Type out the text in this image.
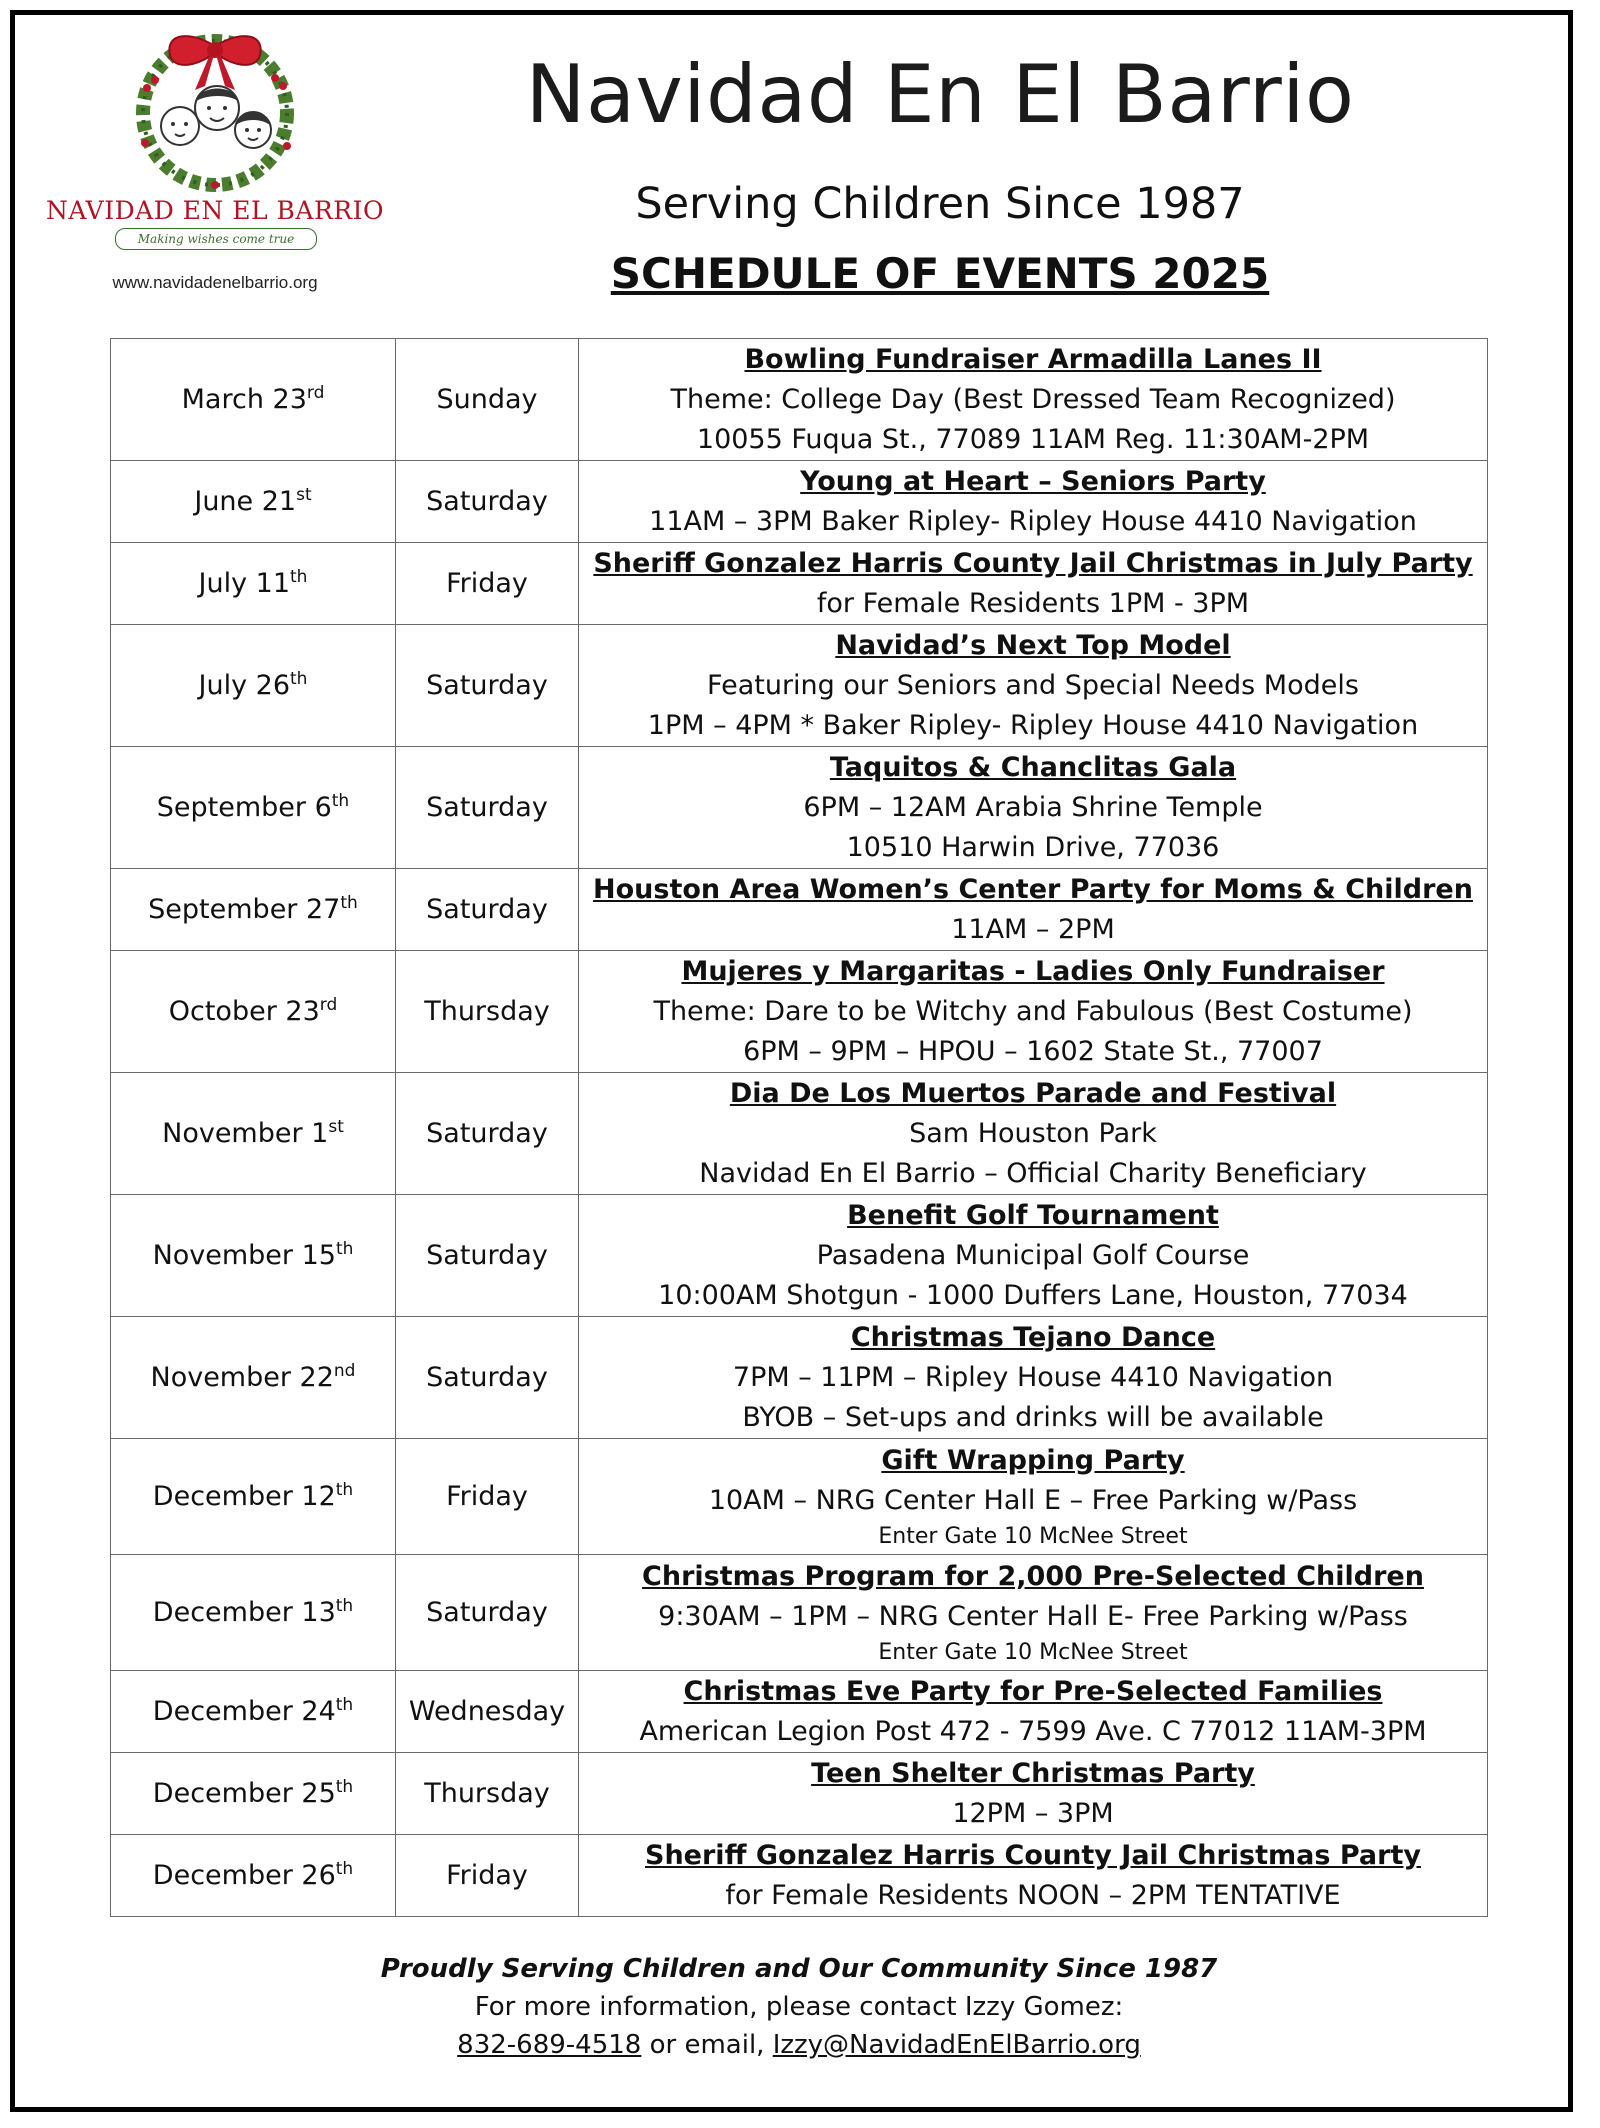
NAVIDAD EN EL BARRIO
Making wishes come true
www.navidadenelbarrio.org
Navidad En El Barrio
Serving Children Since 1987
SCHEDULE OF EVENTS 2025
March 23rd	Sunday	Bowling Fundraiser Armadilla Lanes II
Theme: College Day (Best Dressed Team Recognized)
10055 Fuqua St., 77089 11AM Reg. 11:30AM-2PM

June 21st	Saturday	Young at Heart – Seniors Party
11AM – 3PM Baker Ripley- Ripley House 4410 Navigation

July 11th	Friday	Sheriff Gonzalez Harris County Jail Christmas in July Party
for Female Residents 1PM - 3PM

July 26th	Saturday	Navidad’s Next Top Model
Featuring our Seniors and Special Needs Models
1PM – 4PM * Baker Ripley- Ripley House 4410 Navigation

September 6th	Saturday	Taquitos & Chanclitas Gala
6PM – 12AM Arabia Shrine Temple
10510 Harwin Drive, 77036

September 27th	Saturday	Houston Area Women’s Center Party for Moms & Children
11AM – 2PM

October 23rd	Thursday	Mujeres y Margaritas - Ladies Only Fundraiser
Theme: Dare to be Witchy and Fabulous (Best Costume)
6PM – 9PM – HPOU – 1602 State St., 77007

November 1st	Saturday	Dia De Los Muertos Parade and Festival
Sam Houston Park
Navidad En El Barrio – Official Charity Beneficiary

November 15th	Saturday	Benefit Golf Tournament
Pasadena Municipal Golf Course
10:00AM Shotgun - 1000 Duffers Lane, Houston, 77034

November 22nd	Saturday	Christmas Tejano Dance
7PM – 11PM – Ripley House 4410 Navigation
BYOB – Set-ups and drinks will be available

December 12th	Friday	Gift Wrapping Party
10AM – NRG Center Hall E – Free Parking w/Pass
Enter Gate 10 McNee Street

December 13th	Saturday	Christmas Program for 2,000 Pre-Selected Children
9:30AM – 1PM – NRG Center Hall E- Free Parking w/Pass
Enter Gate 10 McNee Street

December 24th	Wednesday	Christmas Eve Party for Pre-Selected Families
American Legion Post 472 - 7599 Ave. C 77012 11AM-3PM

December 25th	Thursday	Teen Shelter Christmas Party
12PM – 3PM

December 26th	Friday	Sheriff Gonzalez Harris County Jail Christmas Party
for Female Residents NOON – 2PM TENTATIVE
Proudly Serving Children and Our Community Since 1987
For more information, please contact Izzy Gomez:
832-689-4518 or email, Izzy@NavidadEnElBarrio.org
